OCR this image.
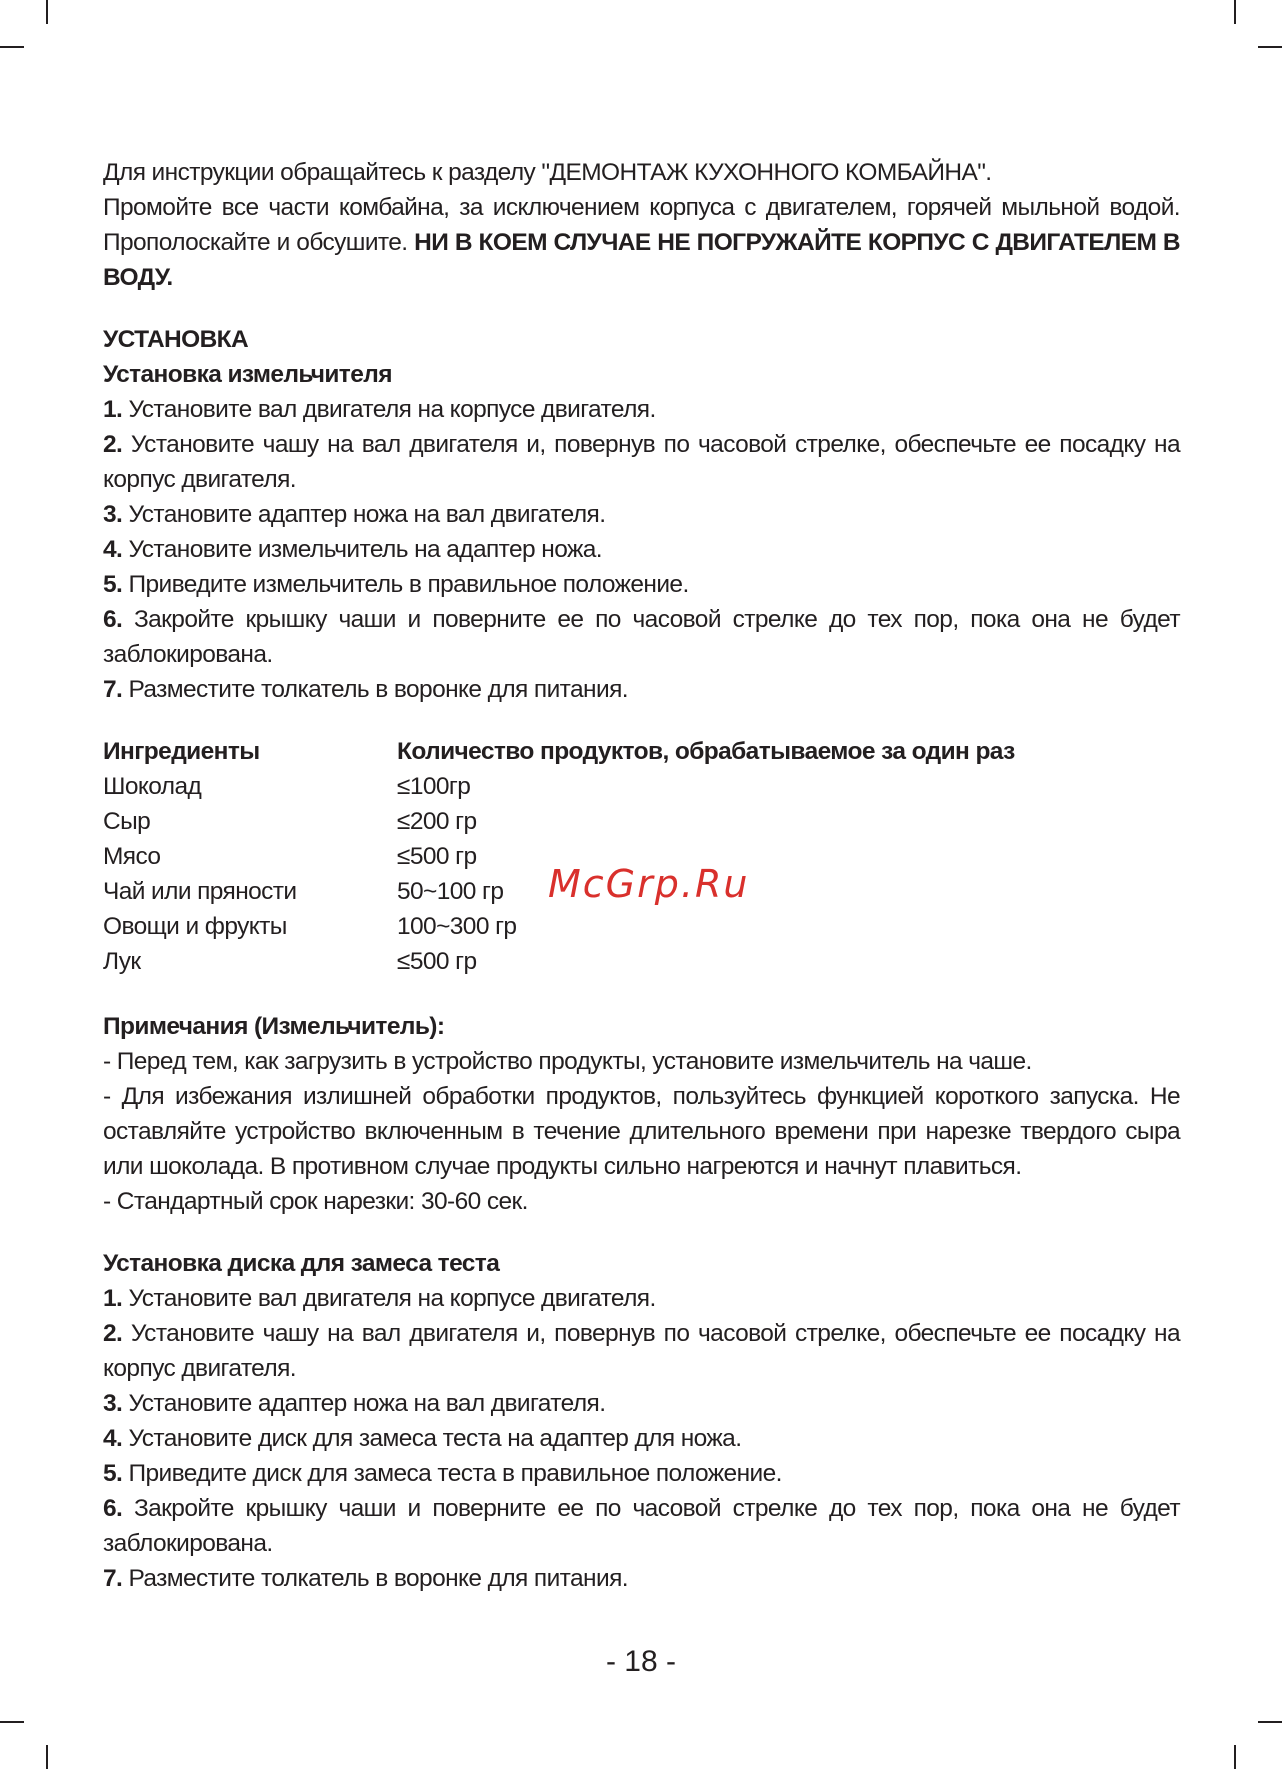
Для инструкции обращайтесь к разделу "ДЕМОНТАЖ КУХОННОГО КОМБАЙНА".

Промойте все части комбайна, за исключением корпуса с двигателем, горячей мыльной водой. Прополоскайте и обсушите. НИ В КОЕМ СЛУЧАЕ НЕ ПОГРУЖАЙТЕ КОРПУС С ДВИГАТЕЛЕМ В ВОДУ.

УСТАНОВКА

Установка измельчителя

1. Установите вал двигателя на корпусе двигателя.

2. Установите чашу на вал двигателя и, повернув по часовой стрелке, обеспечьте ее посадку на корпус двигателя.

3. Установите адаптер ножа на вал двигателя.

4. Установите измельчитель на адаптер ножа.

5. Приведите измельчитель в правильное положение.

6. Закройте крышку чаши и поверните ее по часовой стрелке до тех пор, пока она не будет заблокирована.

7. Разместите толкатель в воронке для питания.

Ингредиенты	Количество продуктов, обрабатываемое за один раз
Шоколад	≤100гр
Сыр	≤200 гр
Мясо	≤500 гр
Чай или пряности	50~100 гр
Овощи и фрукты	100~300 гр
Лук	≤500 гр

Примечания (Измельчитель):

- Перед тем, как загрузить в устройство продукты, установите измельчитель на чаше.

- Для избежания излишней обработки продуктов, пользуйтесь функцией короткого запуска. Не оставляйте устройство включенным в течение длительного времени при нарезке твердого сыра или шоколада. В противном случае продукты сильно нагреются и начнут плавиться.

- Стандартный срок нарезки: 30-60 сек.

Установка диска для замеса теста

1. Установите вал двигателя на корпусе двигателя.

2. Установите чашу на вал двигателя и, повернув по часовой стрелке, обеспечьте ее посадку на корпус двигателя.

3. Установите адаптер ножа на вал двигателя.

4. Установите диск для замеса теста на адаптер для ножа.

5. Приведите диск для замеса теста в правильное положение.

6. Закройте крышку чаши и поверните ее по часовой стрелке до тех пор, пока она не будет заблокирована.

7. Разместите толкатель в воронке для питания.

McGrp.Ru
- 18 -
